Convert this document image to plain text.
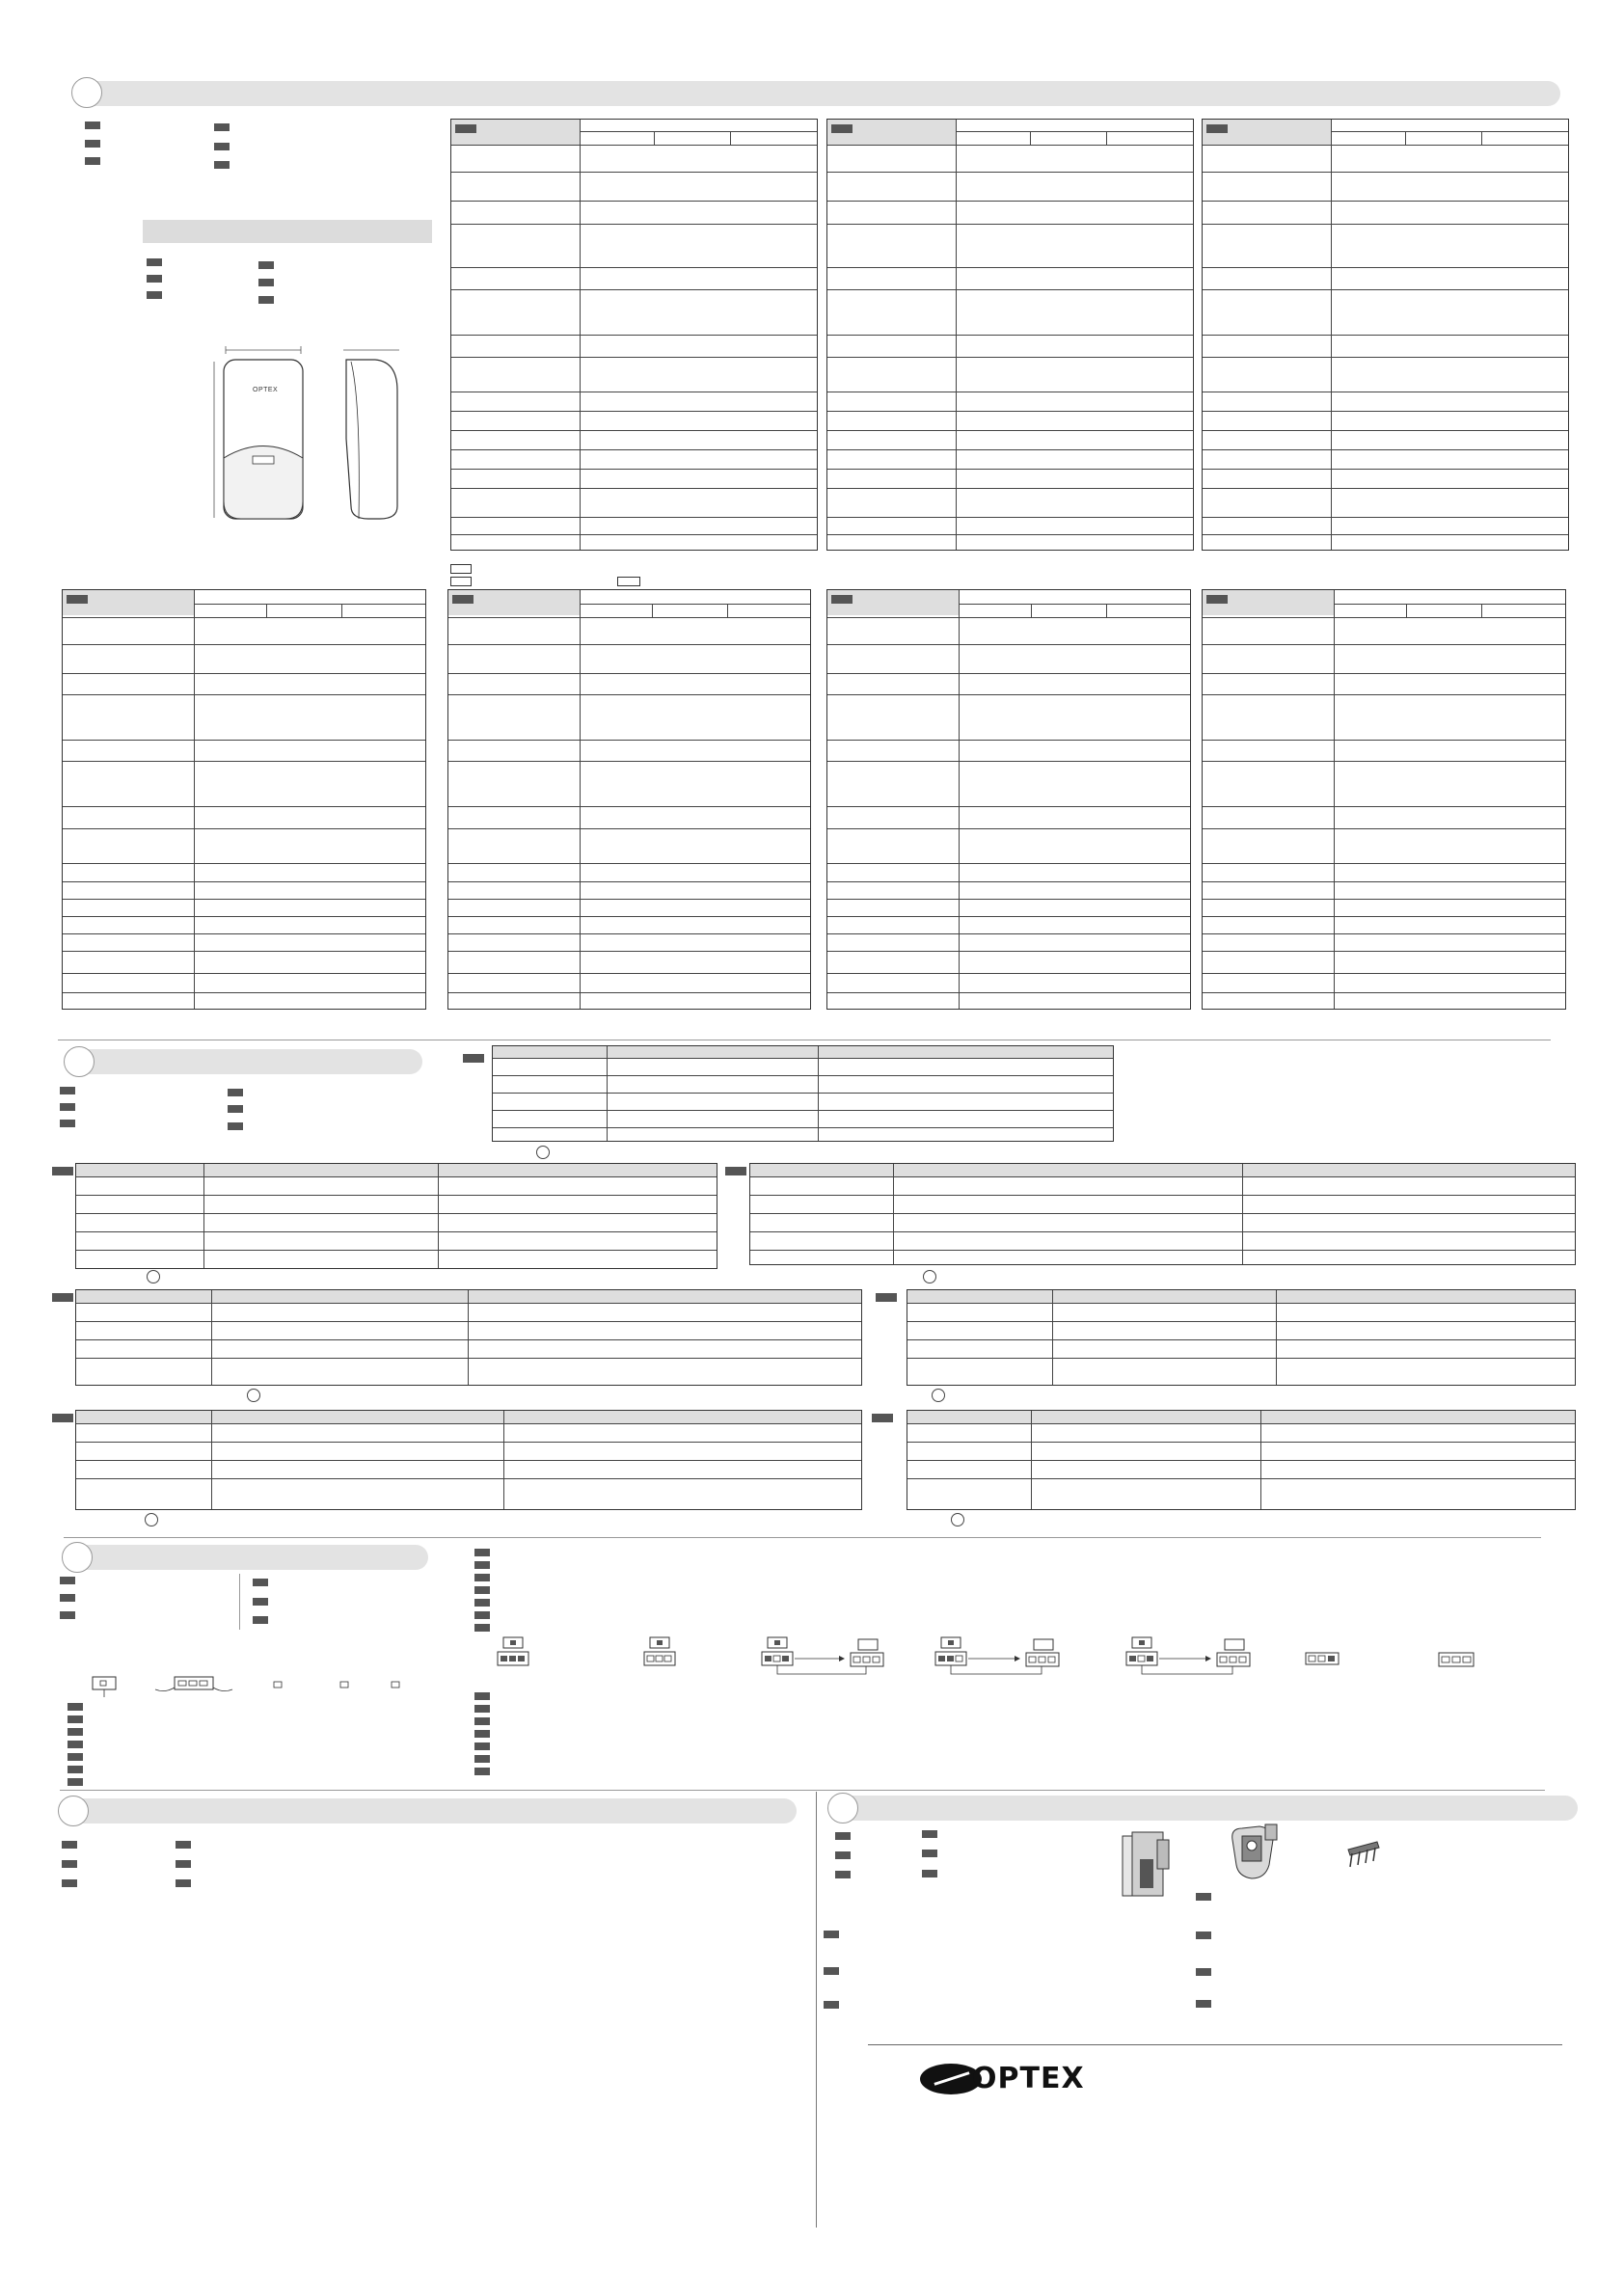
OPTEX
OPTEX
